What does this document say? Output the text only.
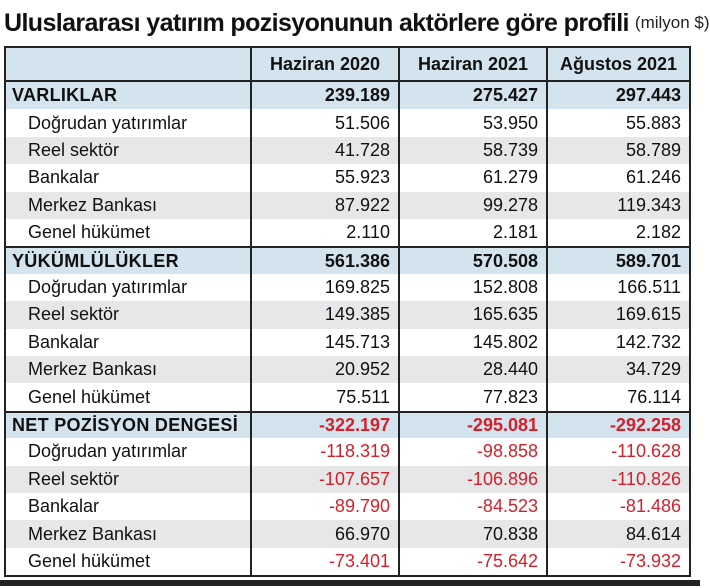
Uluslararası yatırım pozisyonunun aktörlere göre profili (milyon $)
Haziran 2020	Haziran 2021	Ağustos 2021
VARLIKLAR	239.189	275.427	297.443
Doğrudan yatırımlar	51.506	53.950	55.883
Reel sektör	41.728	58.739	58.789
Bankalar	55.923	61.279	61.246
Merkez Bankası	87.922	99.278	119.343
Genel hükümet	2.110	2.181	2.182
YÜKÜMLÜLÜKLER	561.386	570.508	589.701
Doğrudan yatırımlar	169.825	152.808	166.511
Reel sektör	149.385	165.635	169.615
Bankalar	145.713	145.802	142.732
Merkez Bankası	20.952	28.440	34.729
Genel hükümet	75.511	77.823	76.114
NET POZİSYON DENGESİ	-322.197	-295.081	-292.258
Doğrudan yatırımlar	-118.319	-98.858	-110.628
Reel sektör	-107.657	-106.896	-110.826
Bankalar	-89.790	-84.523	-81.486
Merkez Bankası	66.970	70.838	84.614
Genel hükümet	-73.401	-75.642	-73.932
